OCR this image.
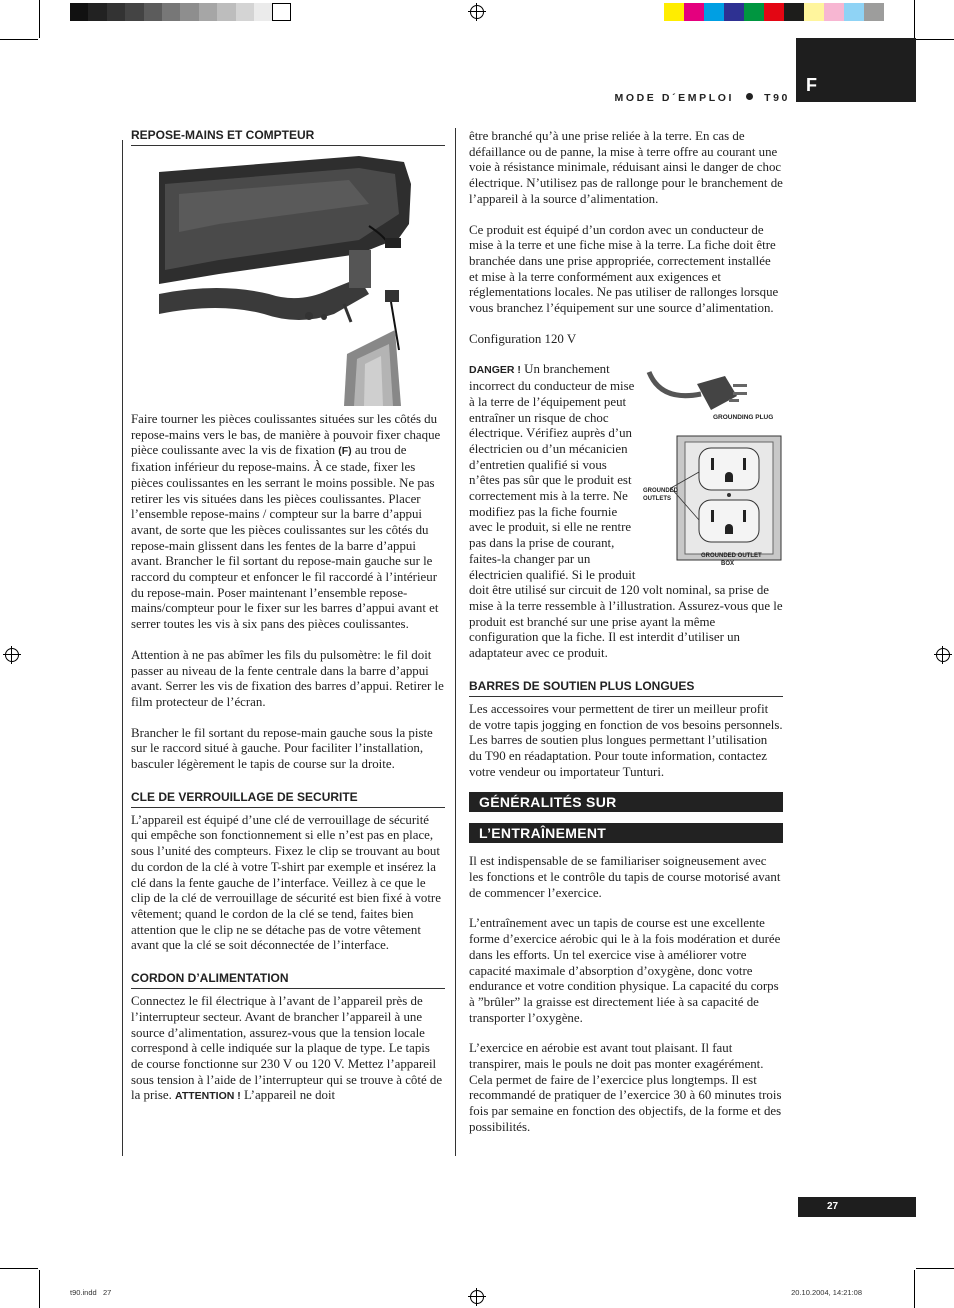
F
MODE D´EMPLOI	T90
REPOSE-MAINS ET COMPTEUR

Faire tourner les pièces coulissantes situées sur les côtés du repose-mains vers le bas, de manière à pouvoir fixer chaque pièce coulissante avec la vis de fixation (F) au trou de fixation inférieur du repose-mains. À ce stade, fixer les pièces coulissantes en les serrant le moins possible. Ne pas retirer les vis situées dans les pièces coulissantes. Placer l’ensemble repose-mains / compteur sur la barre d’appui avant, de sorte que les pièces coulissantes sur les côtés du repose-main glissent dans les fentes de la barre d’appui avant. Brancher le fil sortant du repose-main gauche sur le raccord du compteur et enfoncer le fil raccordé à l’intérieur du repose-main. Poser maintenant l’ensemble repose-mains/compteur pour le fixer sur les barres d’appui avant et serrer toutes les vis à six pans des pièces coulissantes.

Attention à ne pas abîmer les fils du pulsomètre: le fil doit passer au niveau de la fente centrale dans la barre d’appui avant. Serrer les vis de fixation des barres d’appui. Retirer le film protecteur de l’écran.

Brancher le fil sortant du repose-main gauche sous la piste sur le raccord situé à gauche. Pour faciliter l’installation, basculer légèrement le tapis de course sur la droite.

CLE DE VERROUILLAGE DE SECURITE

L’appareil est équipé d’une clé de verrouillage de sécurité qui empêche son fonctionnement si elle n’est pas en place, sous l’unité des compteurs. Fixez le clip se trouvant au bout du cordon de la clé à votre T-shirt par exemple et insérez la clé dans la fente gauche de l’interface. Veillez à ce que le clip de la clé de verrouillage de sécurité est bien fixé à votre vêtement; quand le cordon de la clé se tend, faites bien attention que le clip ne se détache pas de votre vêtement avant que la clé se soit déconnectée de l’interface.

CORDON D’ALIMENTATION

Connectez le fil électrique à l’avant de l’appareil près de l’interrupteur secteur. Avant de brancher l’appareil à une source d’alimentation, assurez-vous que la tension locale correspond à celle indiquée sur la plaque de type. Le tapis de course fonctionne sur 230 V ou 120 V. Mettez l’appareil sous tension à l’aide de l’interrupteur qui se trouve à côté de la prise. ATTENTION ! L’appareil ne doit

être branché qu’à une prise reliée à la terre. En cas de défaillance ou de panne, la mise à terre offre au courant une voie à résistance minimale, réduisant ainsi le danger de choc électrique. N’utilisez pas de rallonge pour le branchement de l’appareil à la source d’alimentation.

Ce produit est équipé d’un cordon avec un conducteur de mise à la terre et une fiche mise à la terre. La fiche doit être branchée dans une prise appropriée, correctement installée et mise à la terre conformément aux exigences et réglementations locales. Ne pas utiliser de rallonges lorsque vous branchez l’équipement sur une source d’alimentation.

Configuration 120 V

GROUNDING PLUG
GROUNDED
OUTLETS
GROUNDED OUTLET
BOX

DANGER ! Un branchement incorrect du conducteur de mise à la terre de l’équipement peut entraîner un risque de choc électrique. Vérifiez auprès d’un électricien ou d’un mécanicien d’entretien qualifié si vous n’êtes pas sûr que le produit est correctement mis à la terre. Ne modifiez pas la fiche fournie avec le produit, si elle ne rentre pas dans la prise de courant, faites-la changer par un électricien qualifié. Si le produit

doit être utilisé sur circuit de 120 volt nominal, sa prise de mise à la terre ressemble à l’illustration. Assurez-vous que le produit est branché sur une prise ayant la même configuration que la fiche. Il est interdit d’utiliser un adaptateur avec ce produit.

BARRES DE SOUTIEN PLUS LONGUES

Les accessoires vour permettent de tirer un meilleur profit de votre tapis jogging en fonction de vos besoins personnels. Les barres de soutien plus longues permettant l’utilisation du T90 en réadaptation. Pour toute information, contactez votre vendeur ou importateur Tunturi.

GÉNÉRALITÉS SUR
L’ENTRAÎNEMENT

Il est indispensable de se familiariser soigneusement avec les fonctions et le contrôle du tapis de course motorisé avant de commencer l’exercice.

L’entraînement avec un tapis de course est une excellente forme d’exercice aérobic qui le à la fois modération et durée dans les efforts. Un tel exercice vise à améliorer votre capacité maximale d’absorption d’oxygène, donc votre endurance et votre condition physique. La capacité du corps à ”brûler” la graisse est directement liée à sa capacité de transporter l’oxygène.

L’exercice en aérobie est avant tout plaisant. Il faut transpirer, mais le pouls ne doit pas monter exagérément. Cela permet de faire de l’exercice plus longtemps. Il est recommandé de pratiquer de l’exercice 30 à 60 minutes trois fois par semaine en fonction des objectifs, de la forme et des possibilités.

27
t90.indd   27	20.10.2004, 14:21:08
